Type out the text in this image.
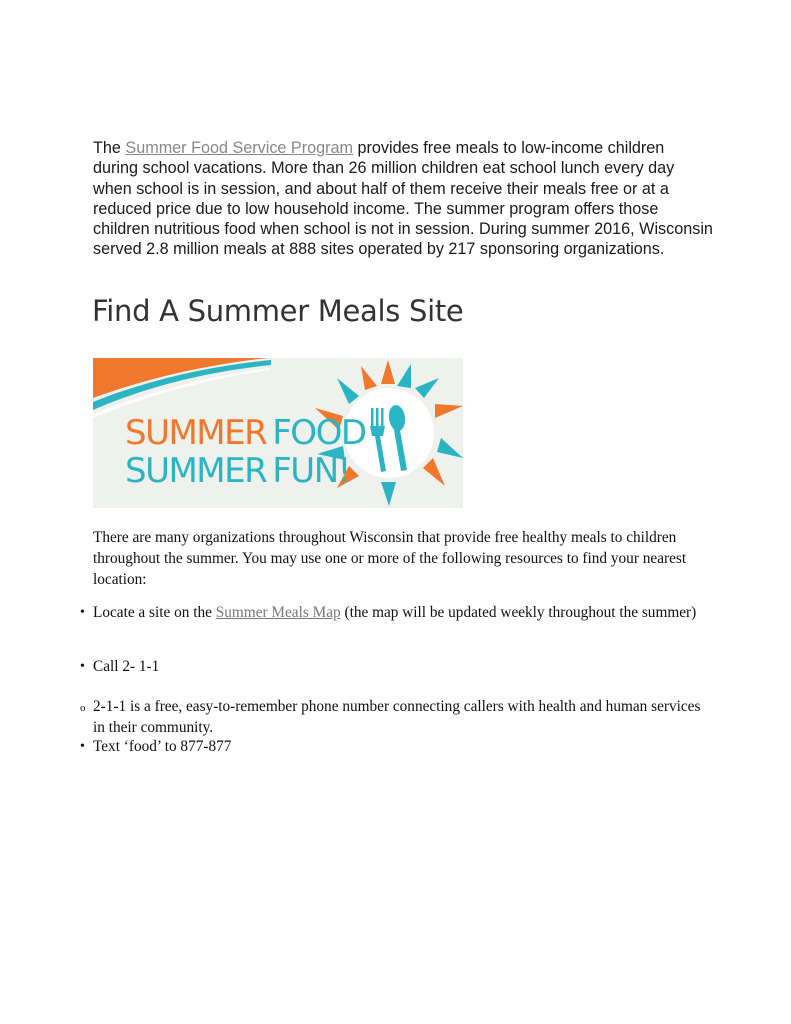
The Summer Food Service Program provides free meals to low-income children during school vacations. More than 26 million children eat school lunch every day when school is in session, and about half of them receive their meals free or at a reduced price due to low household income. The summer program offers those children nutritious food when school is not in session. During summer 2016, Wisconsin served 2.8 million meals at 888 sites operated by 217 sponsoring organizations.

Find A Summer Meals Site
SUMMER FOOD
SUMMER FUN!

There are many organizations throughout Wisconsin that provide free healthy meals to children throughout the summer. You may use one or more of the following resources to find your nearest location:

• Locate a site on the Summer Meals Map (the map will be updated weekly throughout the summer)
• Call 2- 1-1
o 2-1-1 is a free, easy-to-remember phone number connecting callers with health and human services in their community.
• Text ‘food’ to 877-877
